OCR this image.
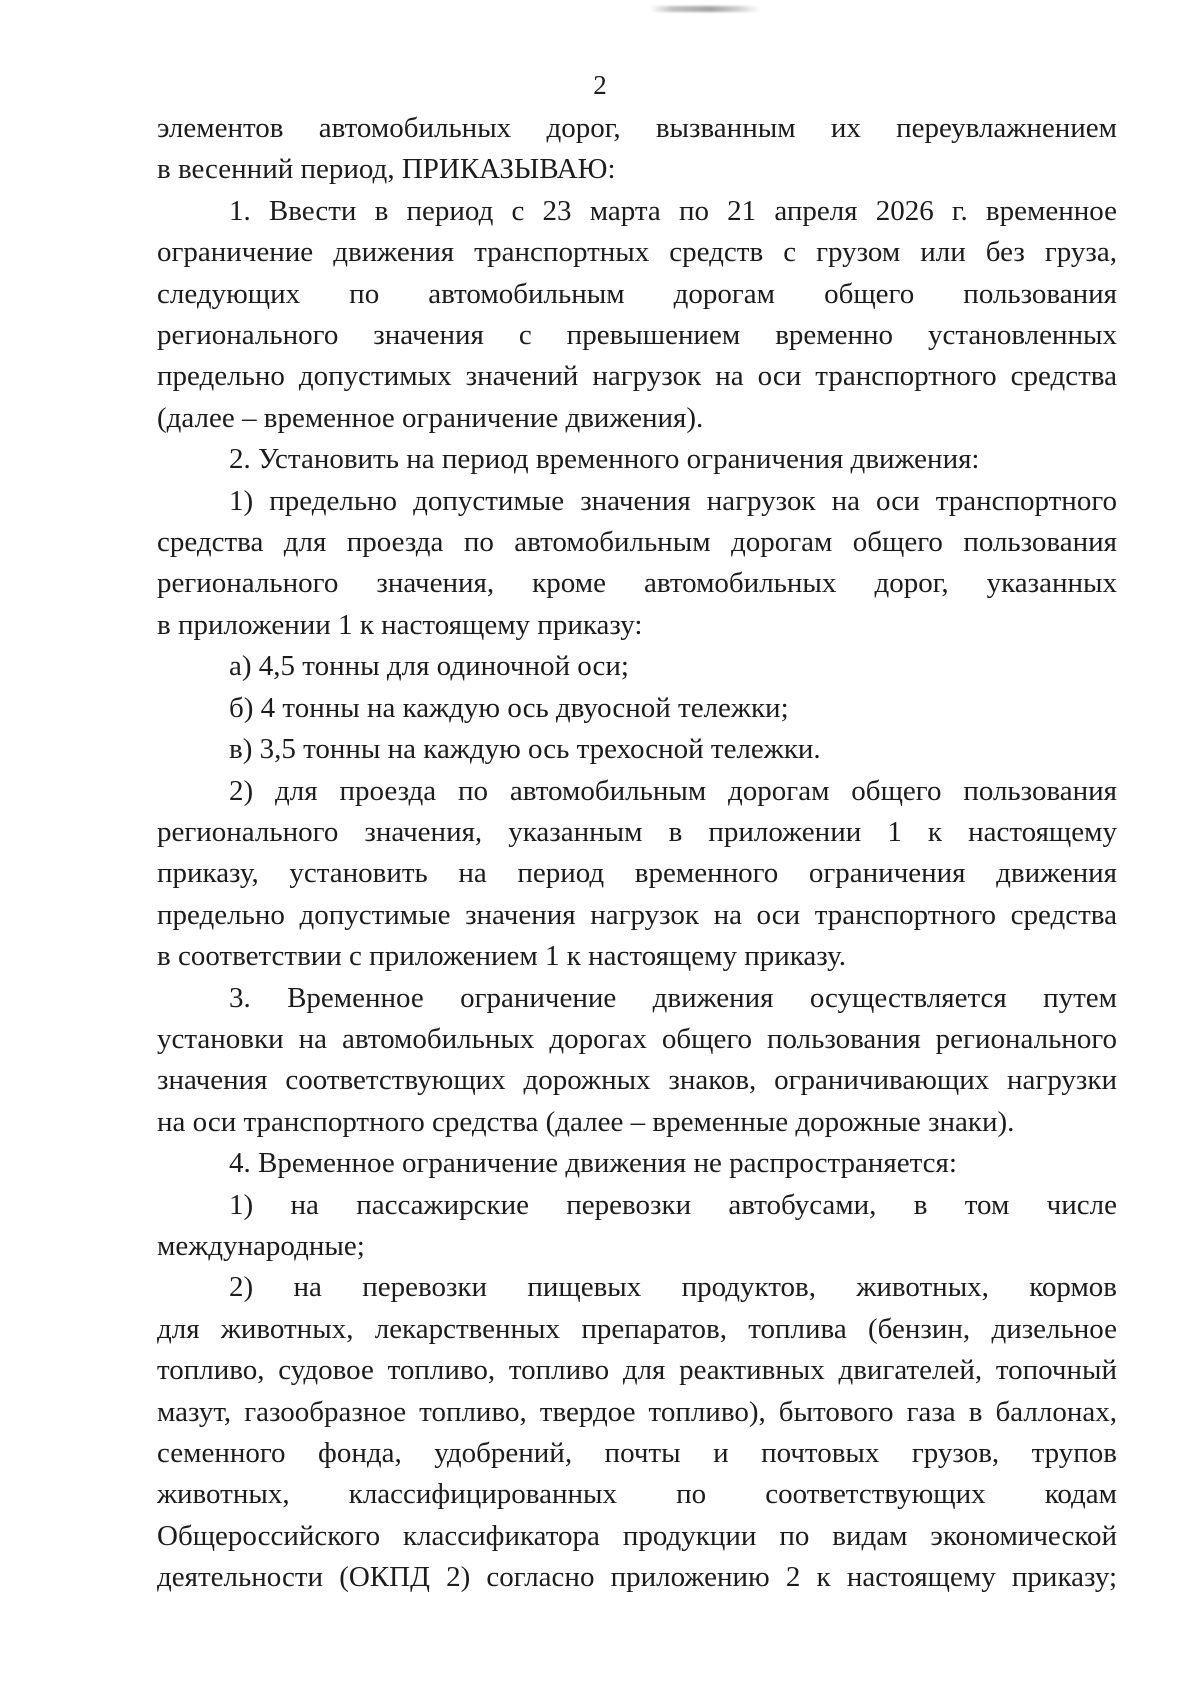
2
элементов автомобильных дорог, вызванным их переувлажнением
в весенний период, ПРИКАЗЫВАЮ:
1. Ввести в период с 23 марта по 21 апреля 2026 г. временное
ограничение движения транспортных средств с грузом или без груза,
следующих по автомобильным дорогам общего пользования
регионального значения с превышением временно установленных
предельно допустимых значений нагрузок на оси транспортного средства
(далее – временное ограничение движения).
2. Установить на период временного ограничения движения:
1) предельно допустимые значения нагрузок на оси транспортного
средства для проезда по автомобильным дорогам общего пользования
регионального значения, кроме автомобильных дорог, указанных
в приложении 1 к настоящему приказу:
а) 4,5 тонны для одиночной оси;
б) 4 тонны на каждую ось двуосной тележки;
в) 3,5 тонны на каждую ось трехосной тележки.
2) для проезда по автомобильным дорогам общего пользования
регионального значения, указанным в приложении 1 к настоящему
приказу, установить на период временного ограничения движения
предельно допустимые значения нагрузок на оси транспортного средства
в соответствии с приложением 1 к настоящему приказу.
3. Временное ограничение движения осуществляется путем
установки на автомобильных дорогах общего пользования регионального
значения соответствующих дорожных знаков, ограничивающих нагрузки
на оси транспортного средства (далее – временные дорожные знаки).
4. Временное ограничение движения не распространяется:
1) на пассажирские перевозки автобусами, в том числе
международные;
2) на перевозки пищевых продуктов, животных, кормов
для животных, лекарственных препаратов, топлива (бензин, дизельное
топливо, судовое топливо, топливо для реактивных двигателей, топочный
мазут, газообразное топливо, твердое топливо), бытового газа в баллонах,
семенного фонда, удобрений, почты и почтовых грузов, трупов
животных, классифицированных по соответствующих кодам
Общероссийского классификатора продукции по видам экономической
деятельности (ОКПД 2) согласно приложению 2 к настоящему приказу;
